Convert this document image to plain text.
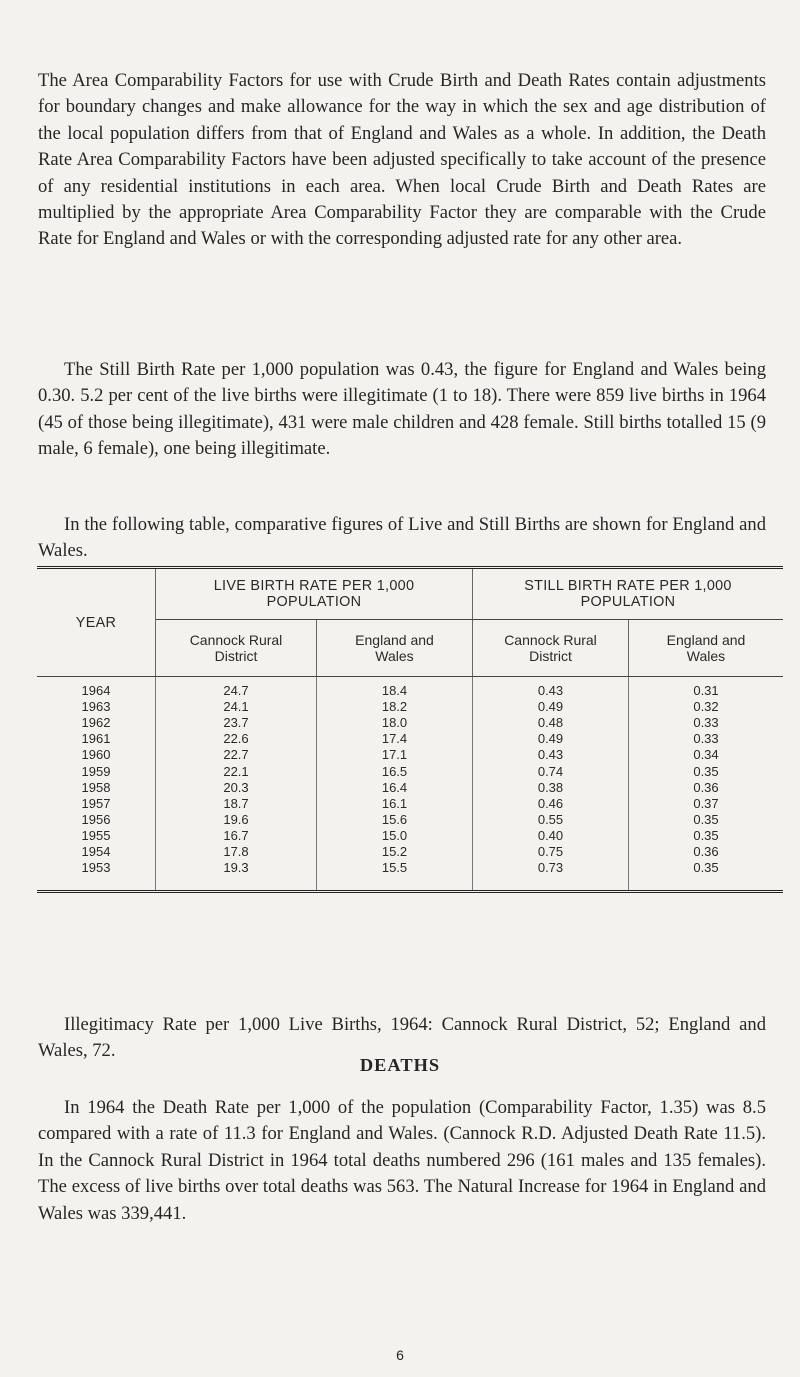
The Area Comparability Factors for use with Crude Birth and Death Rates contain adjustments for boundary changes and make allowance for the way in which the sex and age distribution of the local population differs from that of England and Wales as a whole. In addition, the Death Rate Area Comparability Factors have been adjusted specifically to take account of the presence of any residential institutions in each area. When local Crude Birth and Death Rates are multiplied by the appropriate Area Comparability Factor they are comparable with the Crude Rate for England and Wales or with the corresponding adjusted rate for any other area.

The Still Birth Rate per 1,000 population was 0.43, the figure for England and Wales being 0.30. 5.2 per cent of the live births were illegitimate (1 to 18). There were 859 live births in 1964 (45 of those being illegitimate), 431 were male children and 428 female. Still births totalled 15 (9 male, 6 female), one being illegitimate.

In the following table, comparative figures of Live and Still Births are shown for England and Wales.

YEAR	LIVE BIRTH RATE PER 1,000 POPULATION		STILL BIRTH RATE PER 1,000 POPULATION	
	Cannock Rural District	England and Wales	Cannock Rural District	England and Wales
1964	24.7	18.4	0.43	0.31
1963	24.1	18.2	0.49	0.32
1962	23.7	18.0	0.48	0.33
1961	22.6	17.4	0.49	0.33
1960	22.7	17.1	0.43	0.34
1959	22.1	16.5	0.74	0.35
1958	20.3	16.4	0.38	0.36
1957	18.7	16.1	0.46	0.37
1956	19.6	15.6	0.55	0.35
1955	16.7	15.0	0.40	0.35
1954	17.8	15.2	0.75	0.36
1953	19.3	15.5	0.73	0.35

Illegitimacy Rate per 1,000 Live Births, 1964: Cannock Rural District, 52; England and Wales, 72.

DEATHS

In 1964 the Death Rate per 1,000 of the population (Comparability Factor, 1.35) was 8.5 compared with a rate of 11.3 for England and Wales. (Cannock R.D. Adjusted Death Rate 11.5). In the Cannock Rural District in 1964 total deaths numbered 296 (161 males and 135 females). The excess of live births over total deaths was 563. The Natural Increase for 1964 in England and Wales was 339,441.

6
